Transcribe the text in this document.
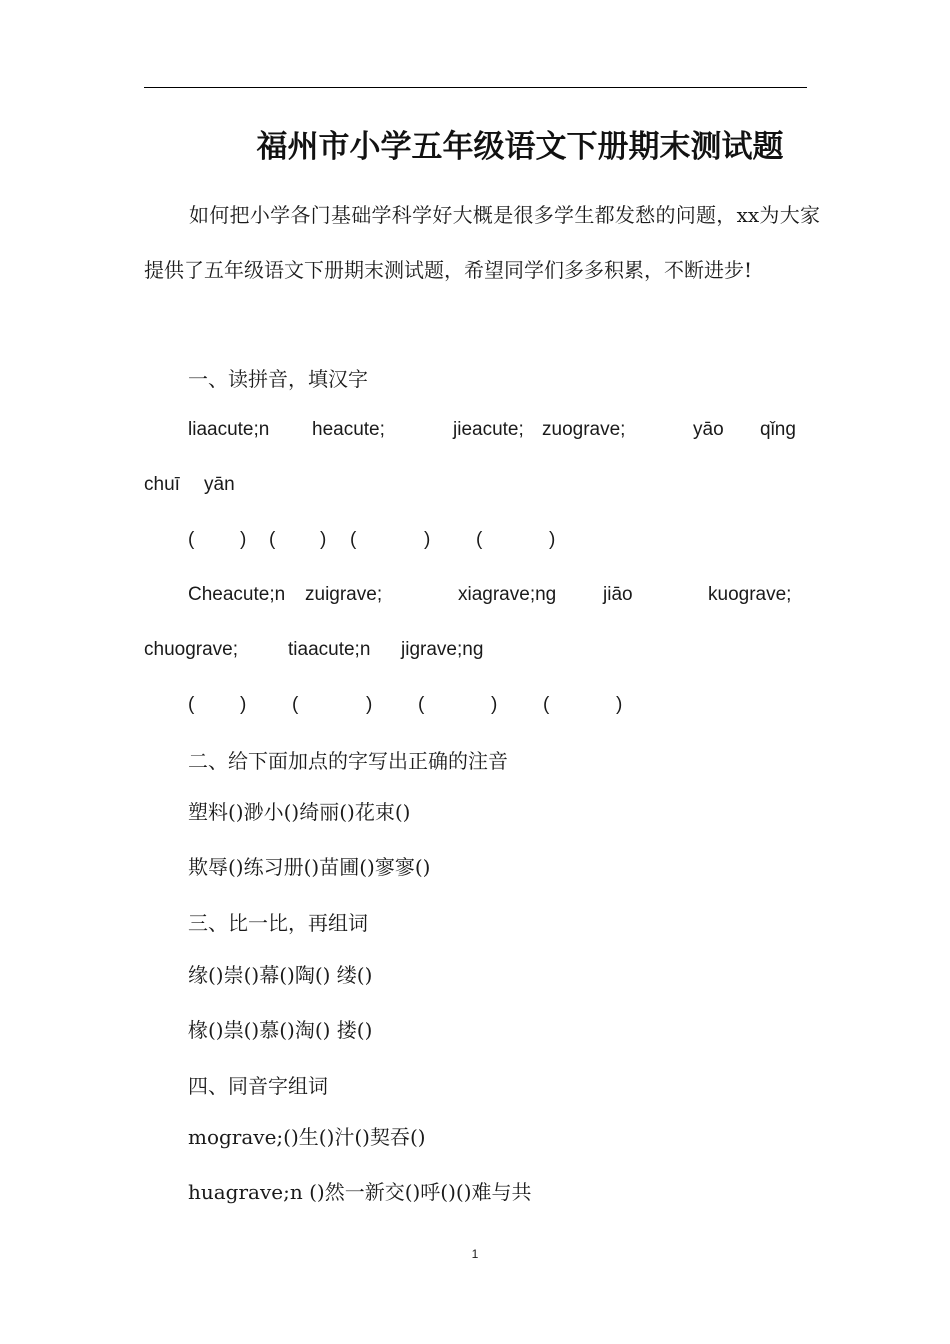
福州市小学五年级语文下册期末测试题
如何把小学各门基础学科学好大概是很多学生都发愁的问题，xx为大家提供了五年级语文下册期末测试题，希望同学们多多积累，不断进步!
一、读拼音，填汉字
liaacute;n heacute;	jieacute; zuograve;	yāo qǐng
chuī yān
( ) ( ) (	) (	)
Cheacute;n zuigrave;	xiagrave;ng jiāo	kuograve;
chuograve;	tiaacute;n jigrave;ng
( ) (	) (	) (	)
二、给下面加点的字写出正确的注音
塑料()渺小()绮丽()花束()
欺辱()练习册()苗圃()寥寥()
三、比一比，再组词
缘()崇()幕()陶() 缕()
椽()祟()慕()淘() 搂()
四、同音字组词
mograve;()生()汁()契吞()
huagrave;n ()然一新交()呼()()难与共
1
